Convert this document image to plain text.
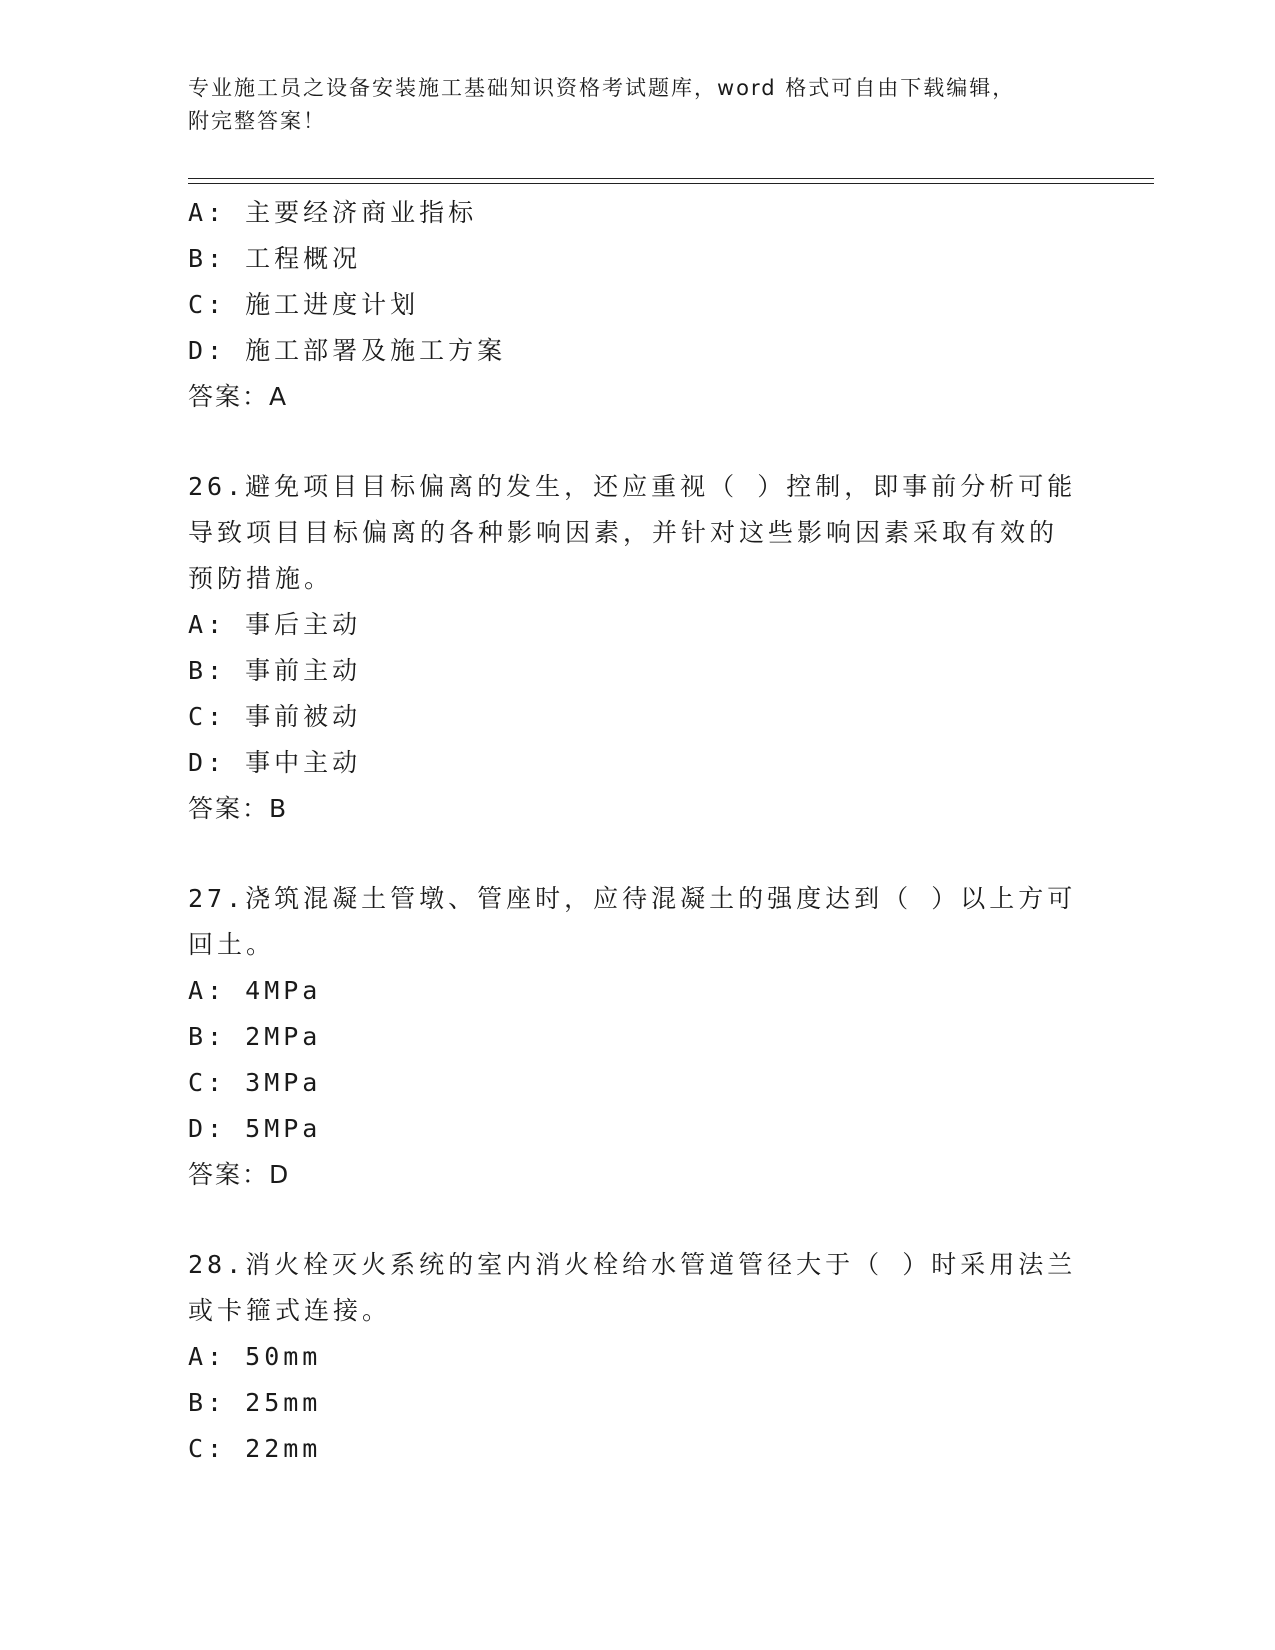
专业施工员之设备安装施工基础知识资格考试题库，word 格式可自由下载编辑，
附完整答案！
A: 主要经济商业指标
B: 工程概况
C: 施工进度计划
D: 施工部署及施工方案
答案：A
26.避免项目目标偏离的发生，还应重视（ ）控制，即事前分析可能
导致项目目标偏离的各种影响因素，并针对这些影响因素采取有效的
预防措施。
A: 事后主动
B: 事前主动
C: 事前被动
D: 事中主动
答案：B
27.浇筑混凝土管墩、管座时，应待混凝土的强度达到（ ）以上方可
回土。
A: 4MPa
B: 2MPa
C: 3MPa
D: 5MPa
答案：D
28.消火栓灭火系统的室内消火栓给水管道管径大于（ ）时采用法兰
或卡箍式连接。
A: 50mm
B: 25mm
C: 22mm
